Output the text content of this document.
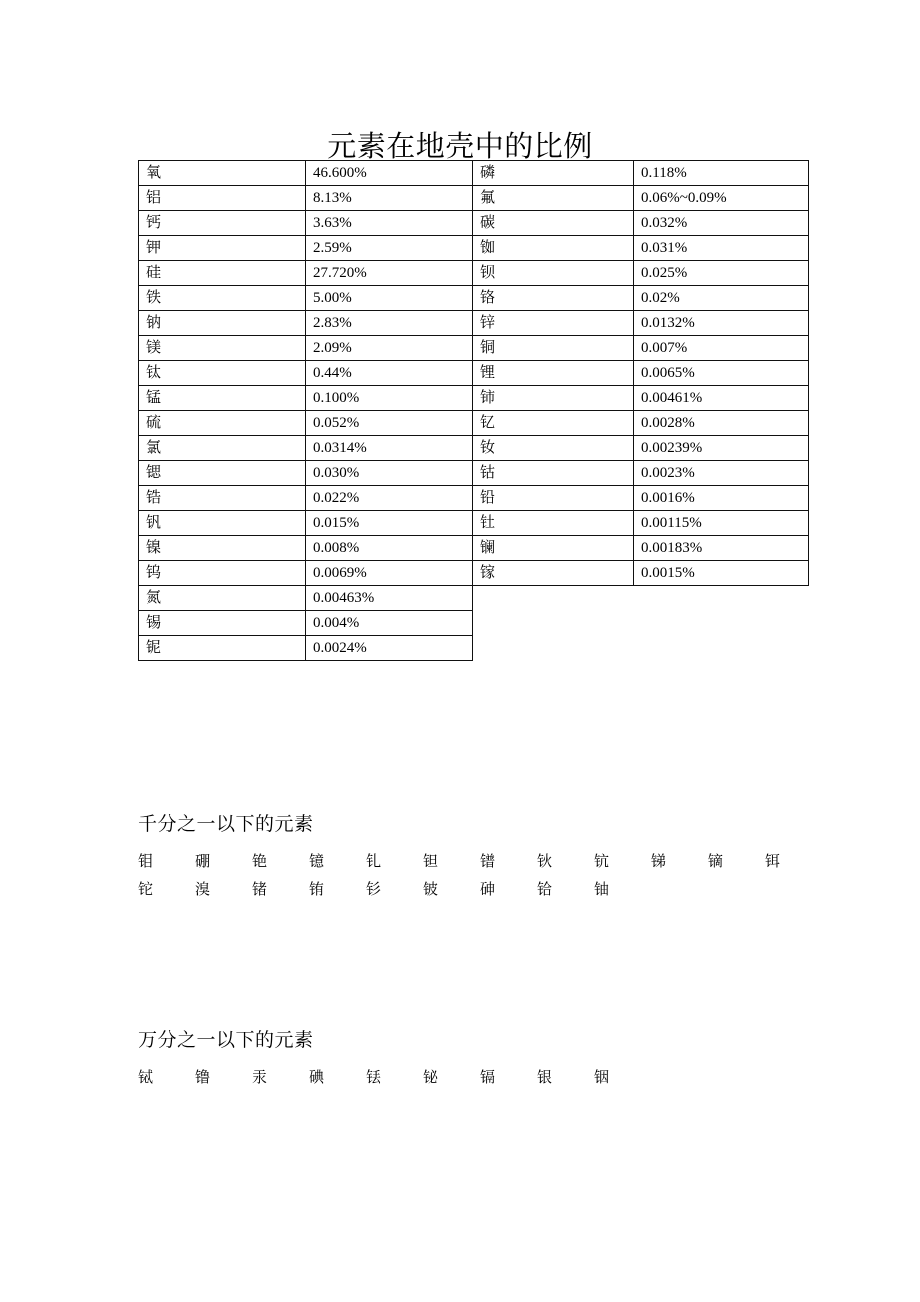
元素在地壳中的比例
氧	46.600%	磷	0.118%
铝	8.13%	氟	0.06%~0.09%
钙	3.63%	碳	0.032%
钾	2.59%	铷	0.031%
硅	27.720%	钡	0.025%
铁	5.00%	铬	0.02%
钠	2.83%	锌	0.0132%
镁	2.09%	铜	0.007%
钛	0.44%	锂	0.0065%
锰	0.100%	铈	0.00461%
硫	0.052%	钇	0.0028%
氯	0.0314%	钕	0.00239%
锶	0.030%	钴	0.0023%
锆	0.022%	铅	0.0016%
钒	0.015%	钍	0.00115%
镍	0.008%	镧	0.00183%
钨	0.0069%	镓	0.0015%
氮	0.00463%		
锡	0.004%		
铌	0.0024%		
千分之一以下的元素
钼	硼	铯	镱	钆	钽	镨	钬	钪	锑	镝	铒
铊	溴	锗	铕	钐	铍	砷	铪	铀
万分之一以下的元素
铽	镥	汞	碘	铥	铋	镉	银	铟
